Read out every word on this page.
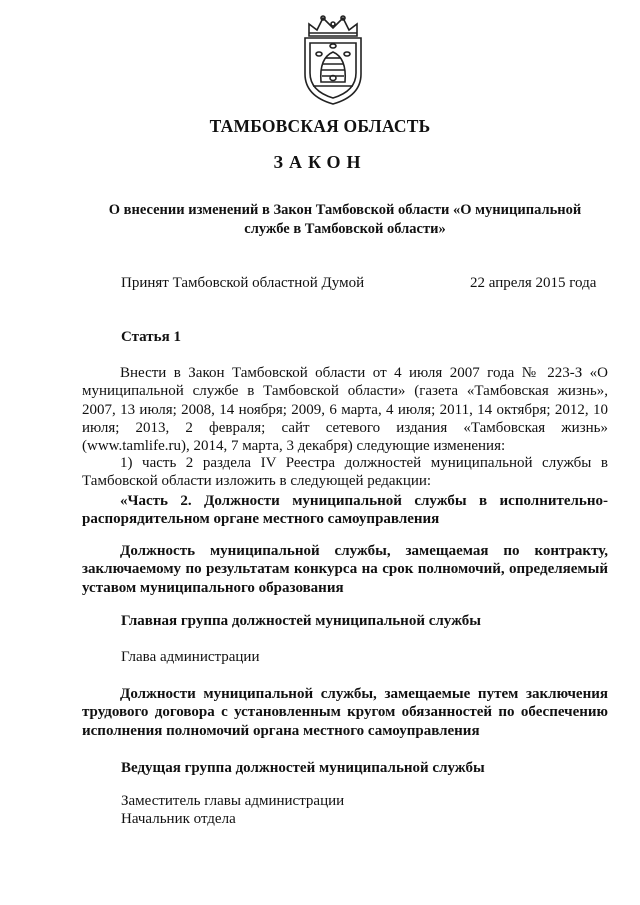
ТАМБОВСКАЯ ОБЛАСТЬ
ЗАКОН
О внесении изменений в Закон Тамбовской области «О муниципальной службе в Тамбовской области»
Принят Тамбовской областной Думой	22 апреля 2015 года
Статья 1
Внести в Закон Тамбовской области от 4 июля 2007 года № 223-З «О муниципальной службе в Тамбовской области» (газета «Тамбовская жизнь», 2007, 13 июля; 2008, 14 ноября; 2009, 6 марта, 4 июля; 2011, 14 октября; 2012, 10 июля; 2013, 2 февраля; сайт сетевого издания «Тамбовская жизнь» (www.tamlife.ru), 2014, 7 марта, 3 декабря) следующие изменения:
1) часть 2 раздела IV Реестра должностей муниципальной службы в Тамбовской области изложить в следующей редакции:
«Часть 2. Должности муниципальной службы в исполнительно-распорядительном органе местного самоуправления
Должность муниципальной службы, замещаемая по контракту, заключаемому по результатам конкурса на срок полномочий, определяемый уставом муниципального образования
Главная группа должностей муниципальной службы
Глава администрации
Должности муниципальной службы, замещаемые путем заключения трудового договора с установленным кругом обязанностей по обеспечению исполнения полномочий органа местного самоуправления
Ведущая группа должностей муниципальной службы
Заместитель главы администрации
Начальник отдела
